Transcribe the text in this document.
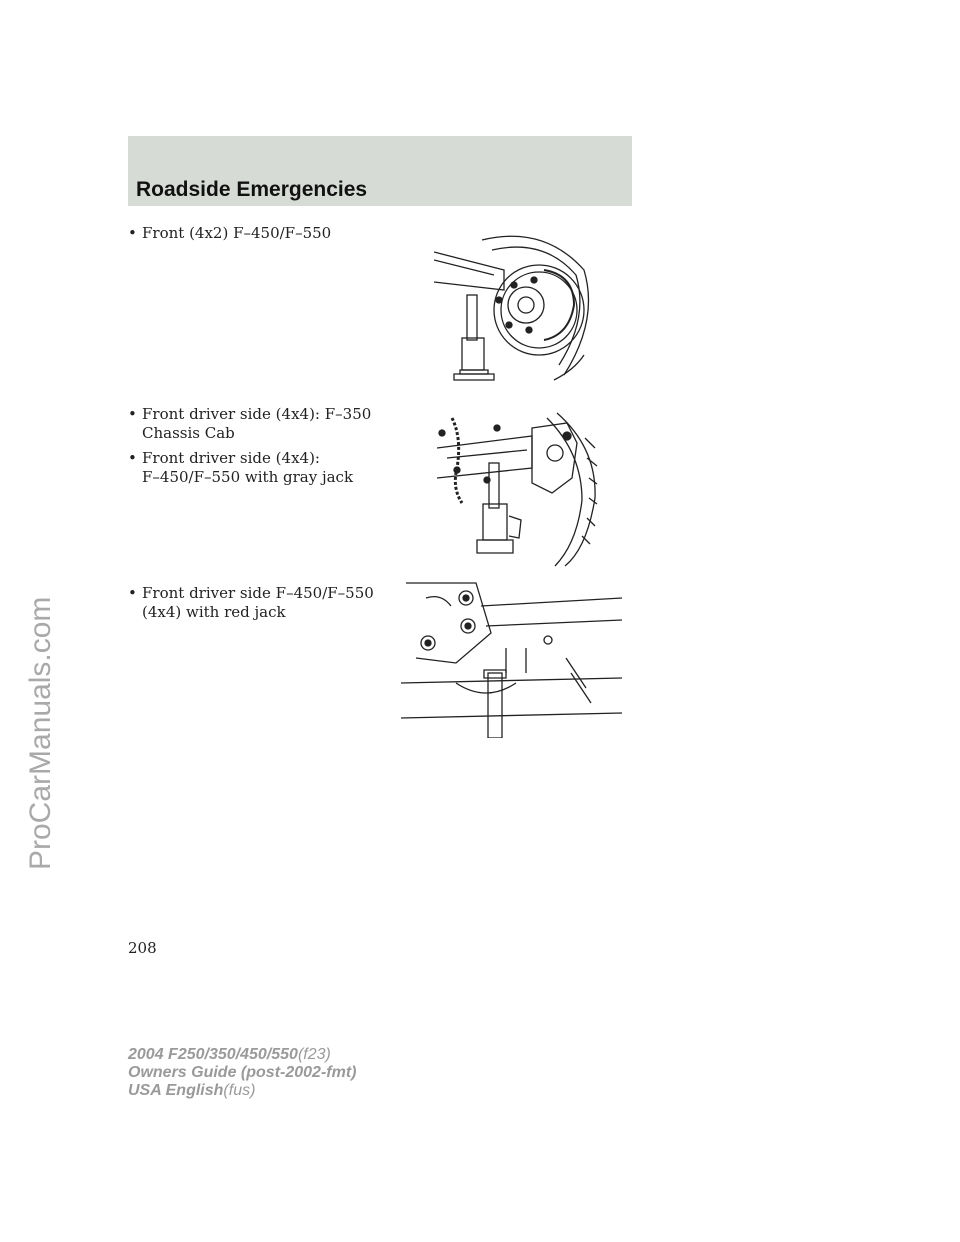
ProCarManuals.com
Roadside Emergencies
• Front (4x2) F–450/F–550
• Front driver side (4x4): F–350
Chassis Cab
• Front driver side (4x4):
F–450/F–550 with gray jack
• Front driver side F–450/F–550
(4x4) with red jack
208
2004 F250/350/450/550(f23)
Owners Guide (post-2002-fmt)
USA English(fus)
